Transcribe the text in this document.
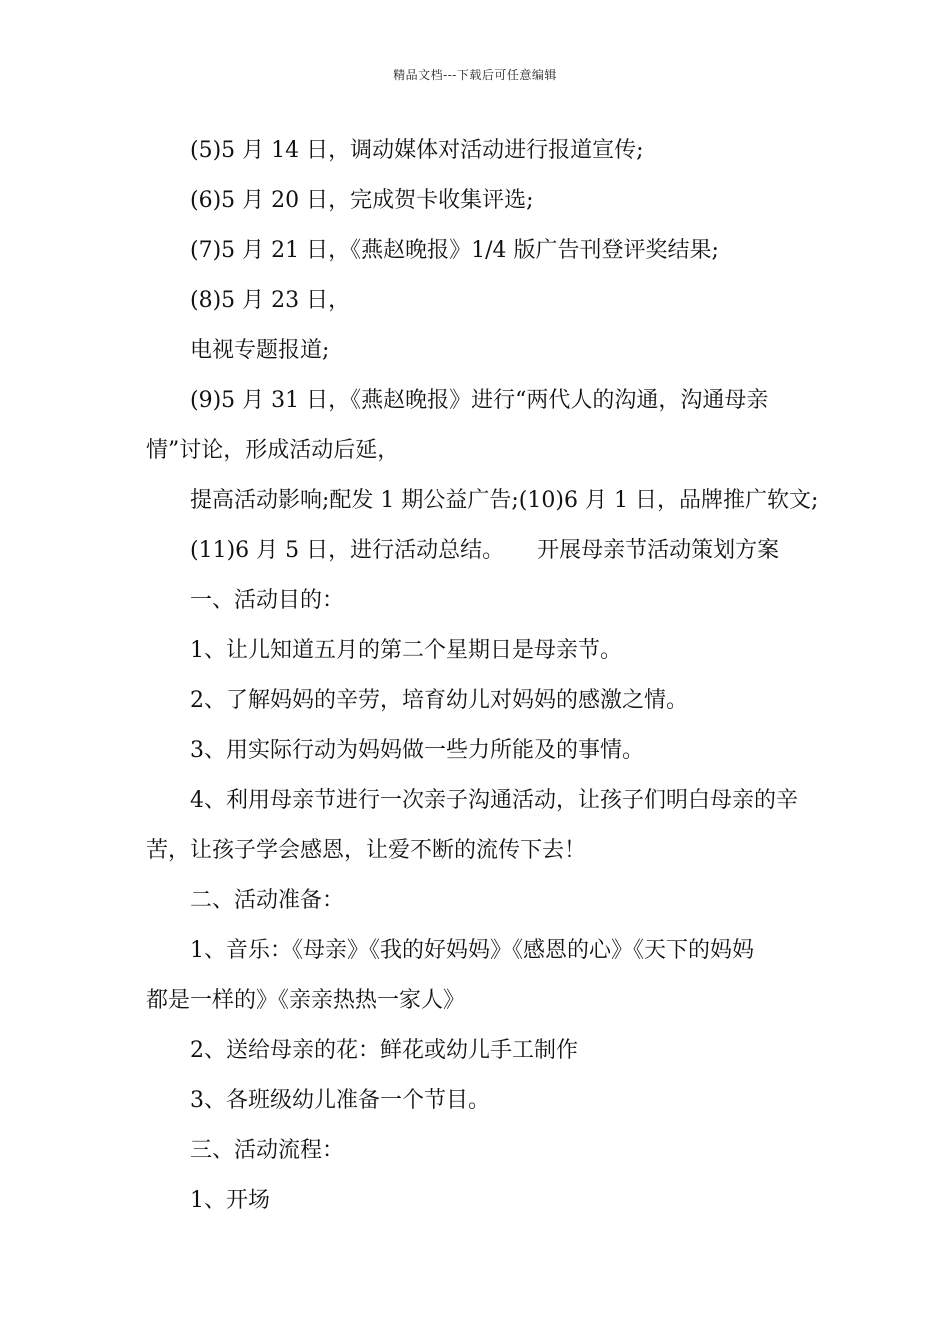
精品文档---下载后可任意编辑
(5)5 月 14 日，调动媒体对活动进行报道宣传;
(6)5 月 20 日，完成贺卡收集评选;
(7)5 月 21 日，《燕赵晚报》1/4 版广告刊登评奖结果;
(8)5 月 23 日，
电视专题报道;
(9)5 月 31 日，《燕赵晚报》进行“两代人的沟通，沟通母亲
情”讨论，形成活动后延，
提高活动影响;配发 1 期公益广告;(10)6 月 1 日，品牌推广软文;
(11)6 月 5 日，进行活动总结。　　开展母亲节活动策划方案
一、活动目的：
1、让儿知道五月的第二个星期日是母亲节。
2、了解妈妈的辛劳，培育幼儿对妈妈的感激之情。
3、用实际行动为妈妈做一些力所能及的事情。
4、利用母亲节进行一次亲子沟通活动，让孩子们明白母亲的辛
苦，让孩子学会感恩，让爱不断的流传下去！
二、活动准备：
1、音乐：《母亲》《我的好妈妈》《感恩的心》《天下的妈妈
都是一样的》《亲亲热热一家人》
2、送给母亲的花：鲜花或幼儿手工制作
3、各班级幼儿准备一个节目。
三、活动流程：
1、开场
